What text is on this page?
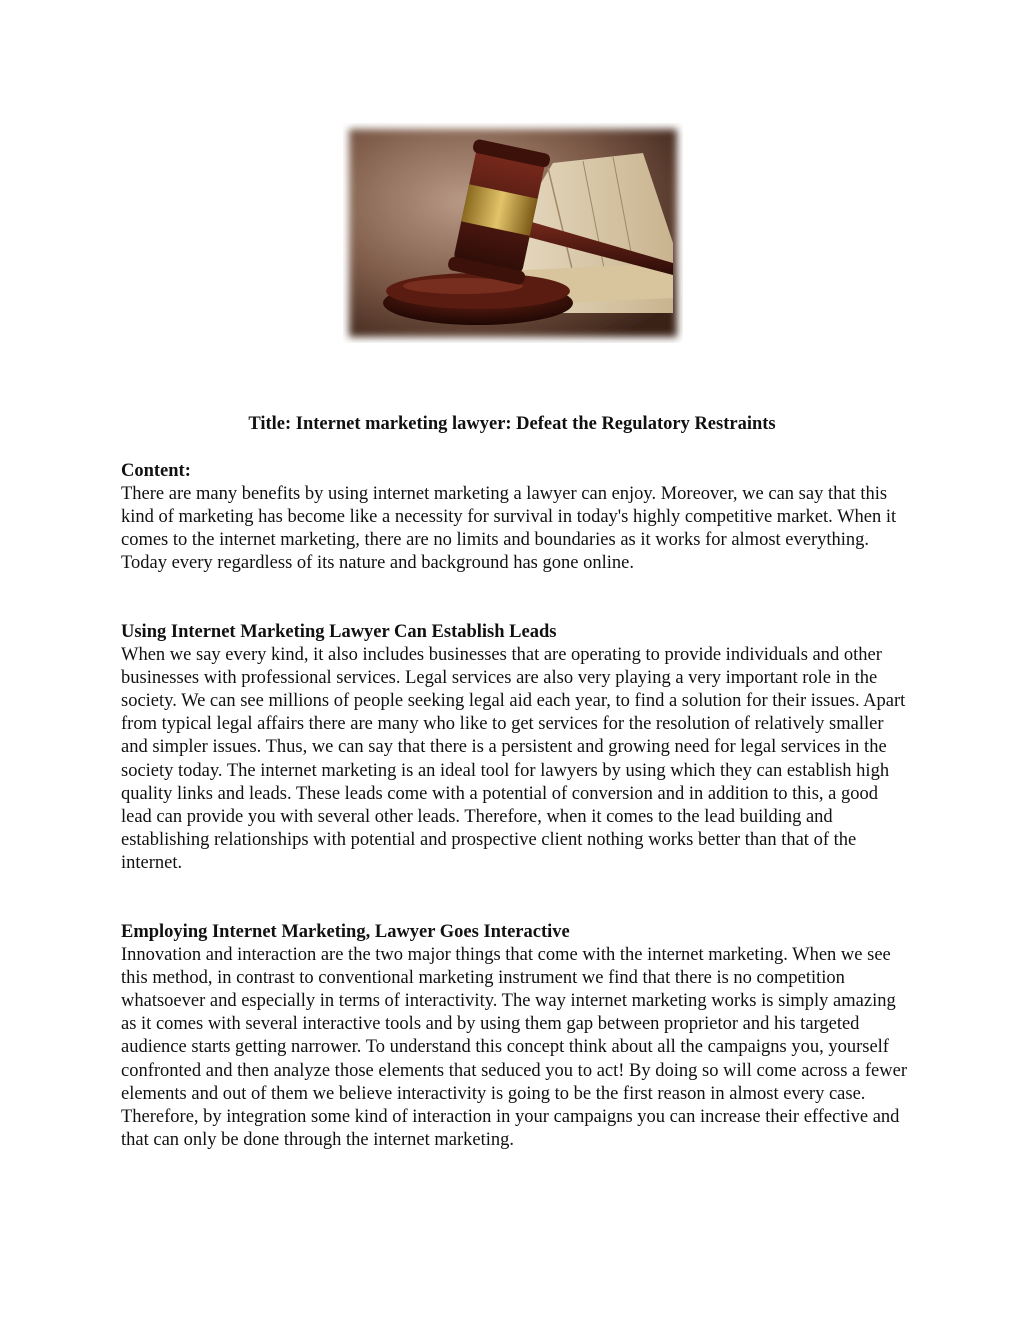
Title: Internet marketing lawyer: Defeat the Regulatory Restraints

Content:
There are many benefits by using internet marketing a lawyer can enjoy. Moreover, we can say that this kind of marketing has become like a necessity for survival in today's highly competitive market. When it comes to the internet marketing, there are no limits and boundaries as it works for almost everything. Today every regardless of its nature and background has gone online.
Using Internet Marketing Lawyer Can Establish Leads
When we say every kind, it also includes businesses that are operating to provide individuals and other businesses with professional services. Legal services are also very playing a very important role in the society. We can see millions of people seeking legal aid each year, to find a solution for their issues. Apart from typical legal affairs there are many who like to get services for the resolution of relatively smaller and simpler issues. Thus, we can say that there is a persistent and growing need for legal services in the society today. The internet marketing is an ideal tool for lawyers by using which they can establish high quality links and leads. These leads come with a potential of conversion and in addition to this, a good lead can provide you with several other leads. Therefore, when it comes to the lead building and establishing relationships with potential and prospective client nothing works better than that of the internet.
Employing Internet Marketing, Lawyer Goes Interactive
Innovation and interaction are the two major things that come with the internet marketing. When we see this method, in contrast to conventional marketing instrument we find that there is no competition whatsoever and especially in terms of interactivity. The way internet marketing works is simply amazing as it comes with several interactive tools and by using them gap between proprietor and his targeted audience starts getting narrower. To understand this concept think about all the campaigns you, yourself confronted and then analyze those elements that seduced you to act! By doing so will come across a fewer elements and out of them we believe interactivity is going to be the first reason in almost every case. Therefore, by integration some kind of interaction in your campaigns you can increase their effective and that can only be done through the internet marketing.
